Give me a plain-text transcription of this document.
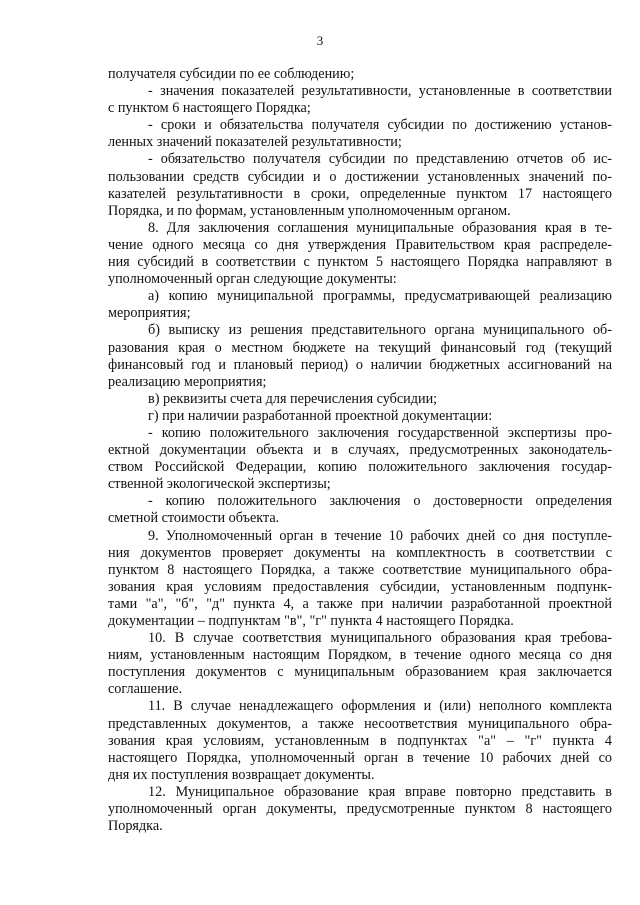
3
получателя субсидии по ее соблюдению;
- значения показателей результативности, установленные в соответствии
с пунктом 6 настоящего Порядка;
- сроки и обязательства получателя субсидии по достижению установ-
ленных значений показателей результативности;
- обязательство получателя субсидии по представлению отчетов об ис-
пользовании средств субсидии и о достижении установленных значений по-
казателей результативности в сроки, определенные пунктом 17 настоящего
Порядка, и по формам, установленным уполномоченным органом.
8. Для заключения соглашения муниципальные образования края в те-
чение одного месяца со дня утверждения Правительством края распределе-
ния субсидий в соответствии с пунктом 5 настоящего Порядка направляют в
уполномоченный орган следующие документы:
а) копию муниципальной программы, предусматривающей реализацию
мероприятия;
б) выписку из решения представительного органа муниципального об-
разования края о местном бюджете на текущий финансовый год (текущий
финансовый год и плановый период) о наличии бюджетных ассигнований на
реализацию мероприятия;
в) реквизиты счета для перечисления субсидии;
г) при наличии разработанной проектной документации:
- копию положительного заключения государственной экспертизы про-
ектной документации объекта и в случаях, предусмотренных законодатель-
ством Российской Федерации, копию положительного заключения государ-
ственной экологической экспертизы;
- копию положительного заключения о достоверности определения
сметной стоимости объекта.
9. Уполномоченный орган в течение 10 рабочих дней со дня поступле-
ния документов проверяет документы на комплектность в соответствии с
пунктом 8 настоящего Порядка, а также соответствие муниципального обра-
зования края условиям предоставления субсидии, установленным подпунк-
тами "а", "б", "д" пункта 4, а также при наличии разработанной проектной
документации – подпунктам "в", "г" пункта 4 настоящего Порядка.
10. В случае соответствия муниципального образования края требова-
ниям, установленным настоящим Порядком, в течение одного месяца со дня
поступления документов с муниципальным образованием края заключается
соглашение.
11. В случае ненадлежащего оформления и (или) неполного комплекта
представленных документов, а также несоответствия муниципального обра-
зования края условиям, установленным в подпунктах "а" – "г" пункта 4
настоящего Порядка, уполномоченный орган в течение 10 рабочих дней со
дня их поступления возвращает документы.
12. Муниципальное образование края вправе повторно представить в
уполномоченный орган документы, предусмотренные пунктом 8 настоящего
Порядка.
